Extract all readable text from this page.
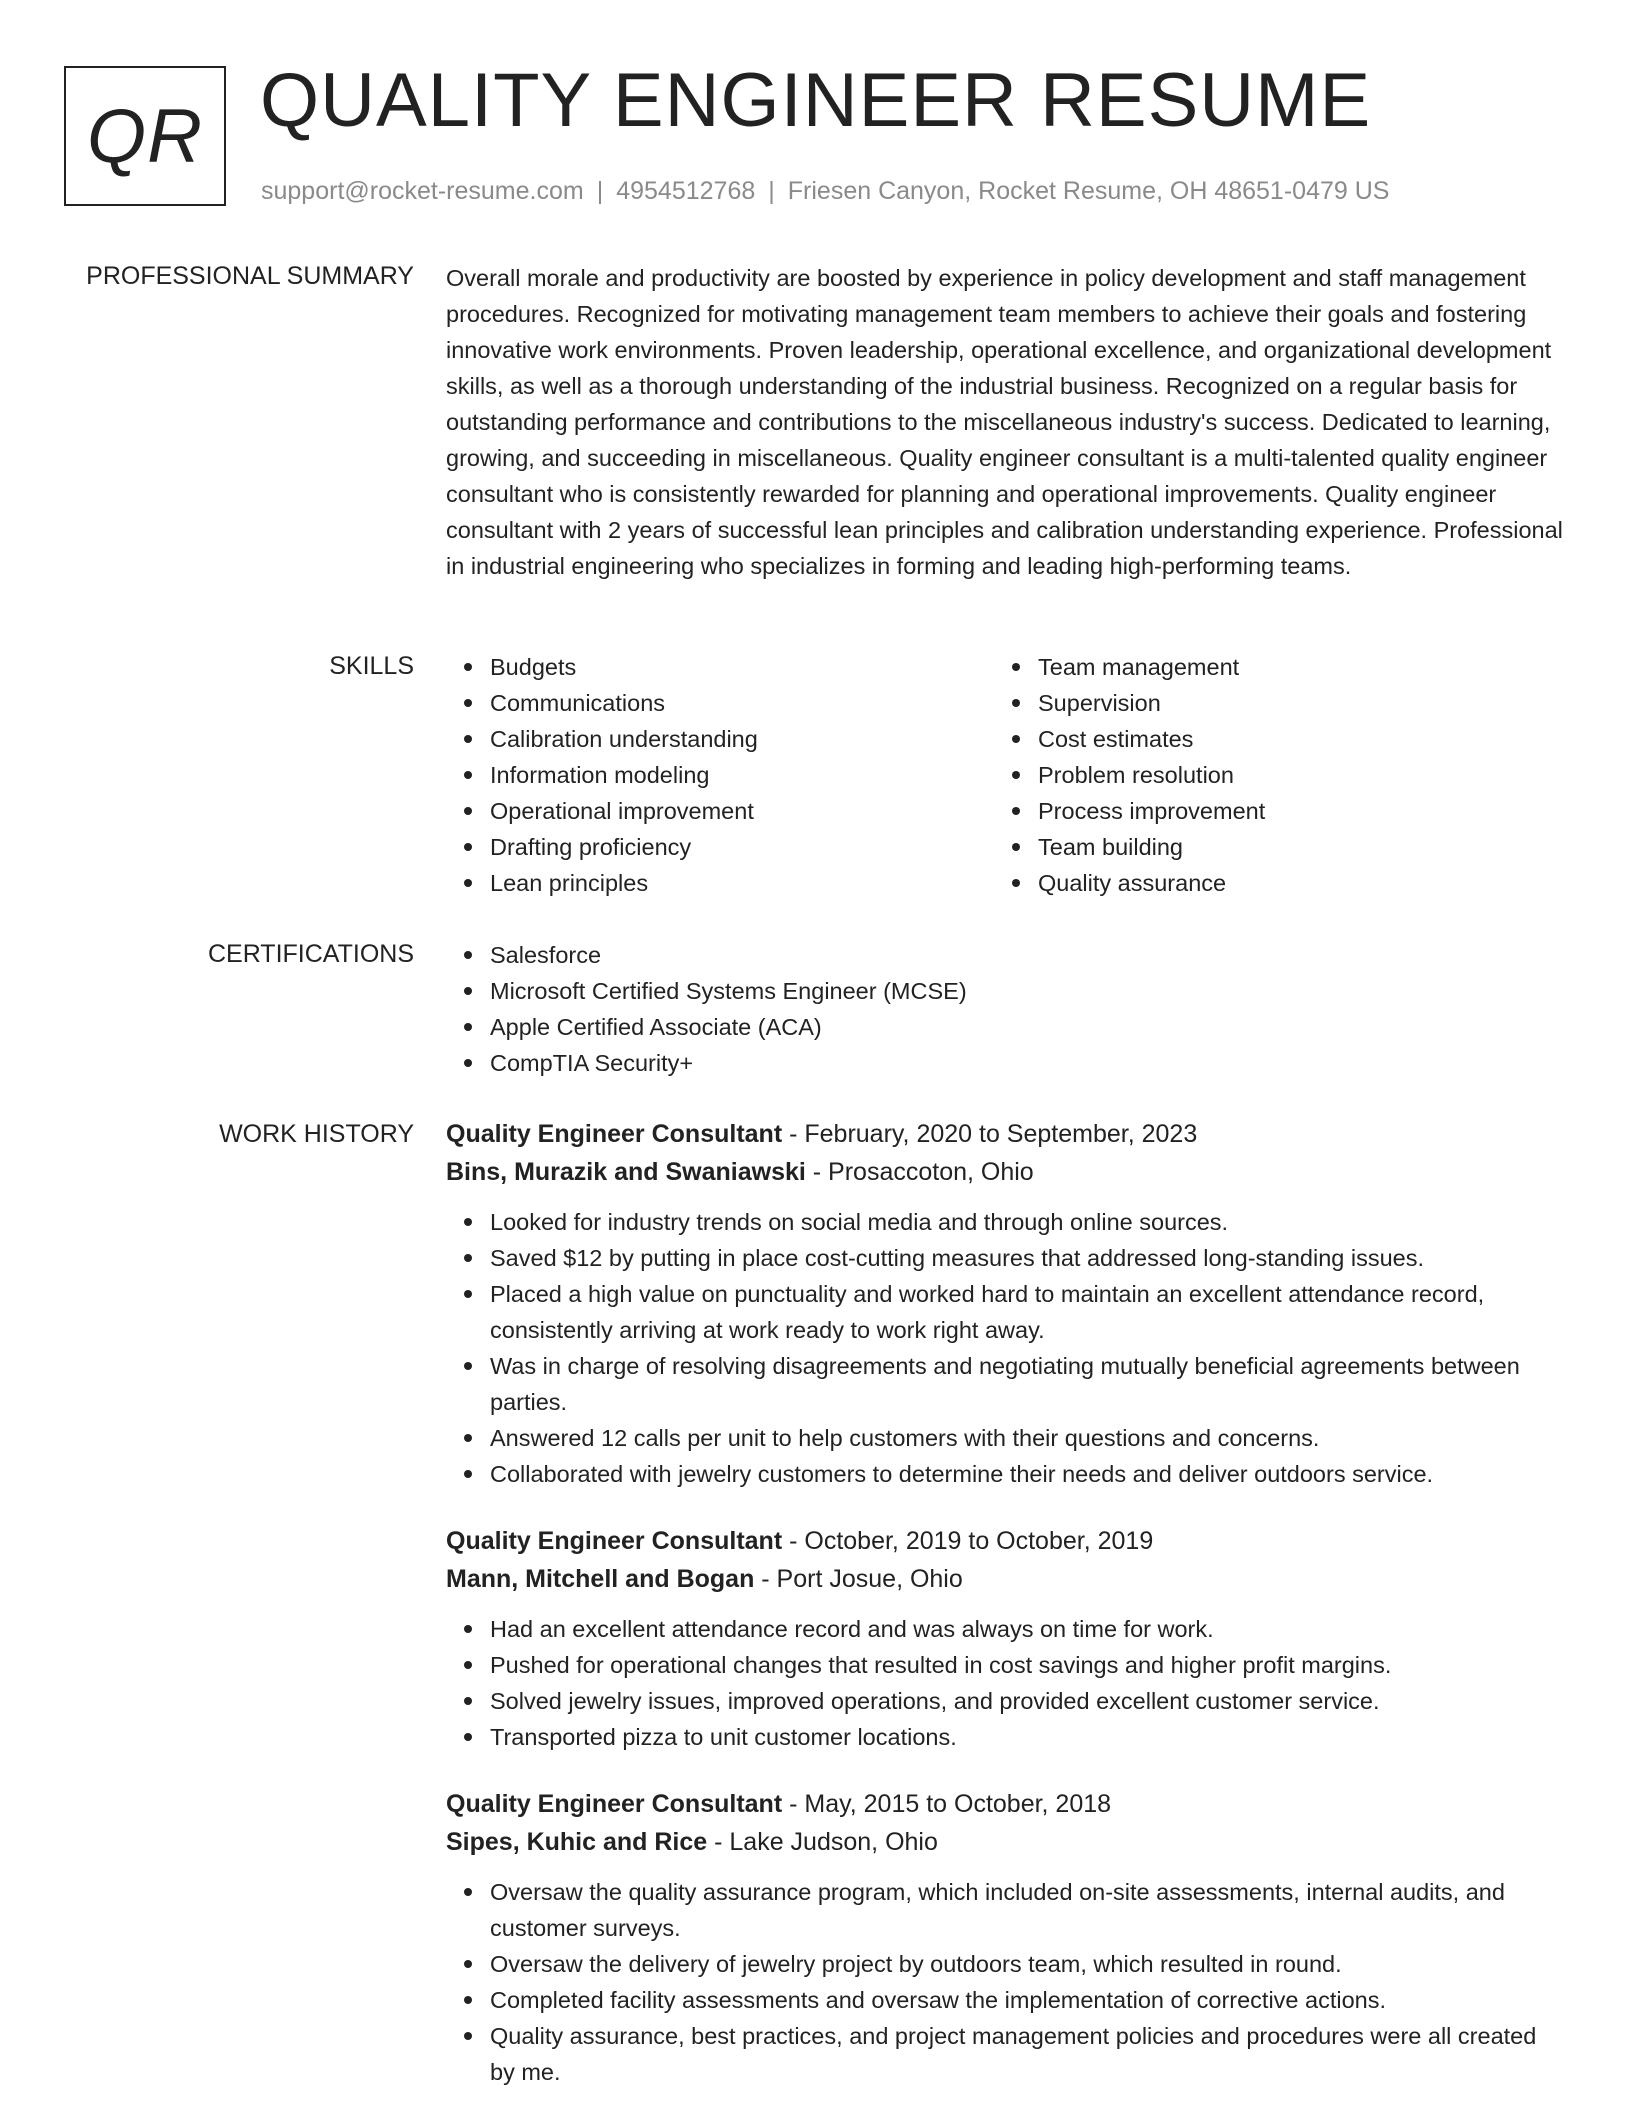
QR QUALITY ENGINEER RESUME
support@rocket-resume.com | 4954512768 | Friesen Canyon, Rocket Resume, OH 48651-0479 US
PROFESSIONAL SUMMARY Overall morale and productivity are boosted by experience in policy development and staff management procedures. Recognized for motivating management team members to achieve their goals and fostering innovative work environments. Proven leadership, operational excellence, and organizational development skills, as well as a thorough understanding of the industrial business. Recognized on a regular basis for outstanding performance and contributions to the miscellaneous industry's success. Dedicated to learning, growing, and succeeding in miscellaneous. Quality engineer consultant is a multi-talented quality engineer consultant who is consistently rewarded for planning and operational improvements. Quality engineer consultant with 2 years of successful lean principles and calibration understanding experience. Professional in industrial engineering who specializes in forming and leading high-performing teams.

SKILLS	Budgets
Communications
Calibration understanding
Information modeling
Operational improvement
Drafting proficiency
Lean principles
Team management
Supervision
Cost estimates
Problem resolution
Process improvement
Team building
Quality assurance
CERTIFICATIONS	Salesforce
Microsoft Certified Systems Engineer (MCSE)
Apple Certified Associate (ACA)
CompTIA Security+
WORK HISTORY Quality Engineer Consultant - February, 2020 to September, 2023
Bins, Murazik and Swaniawski - Prosaccoton, Ohio
Looked for industry trends on social media and through online sources.
Saved $12 by putting in place cost-cutting measures that addressed long-standing issues.
Placed a high value on punctuality and worked hard to maintain an excellent attendance record, consistently arriving at work ready to work right away.
Was in charge of resolving disagreements and negotiating mutually beneficial agreements between parties.
Answered 12 calls per unit to help customers with their questions and concerns.
Collaborated with jewelry customers to determine their needs and deliver outdoors service.
Quality Engineer Consultant - October, 2019 to October, 2019
Mann, Mitchell and Bogan - Port Josue, Ohio
Had an excellent attendance record and was always on time for work.
Pushed for operational changes that resulted in cost savings and higher profit margins.
Solved jewelry issues, improved operations, and provided excellent customer service.
Transported pizza to unit customer locations.
Quality Engineer Consultant - May, 2015 to October, 2018
Sipes, Kuhic and Rice - Lake Judson, Ohio
Oversaw the quality assurance program, which included on-site assessments, internal audits, and customer surveys.
Oversaw the delivery of jewelry project by outdoors team, which resulted in round.
Completed facility assessments and oversaw the implementation of corrective actions.
Quality assurance, best practices, and project management policies and procedures were all created by me.
